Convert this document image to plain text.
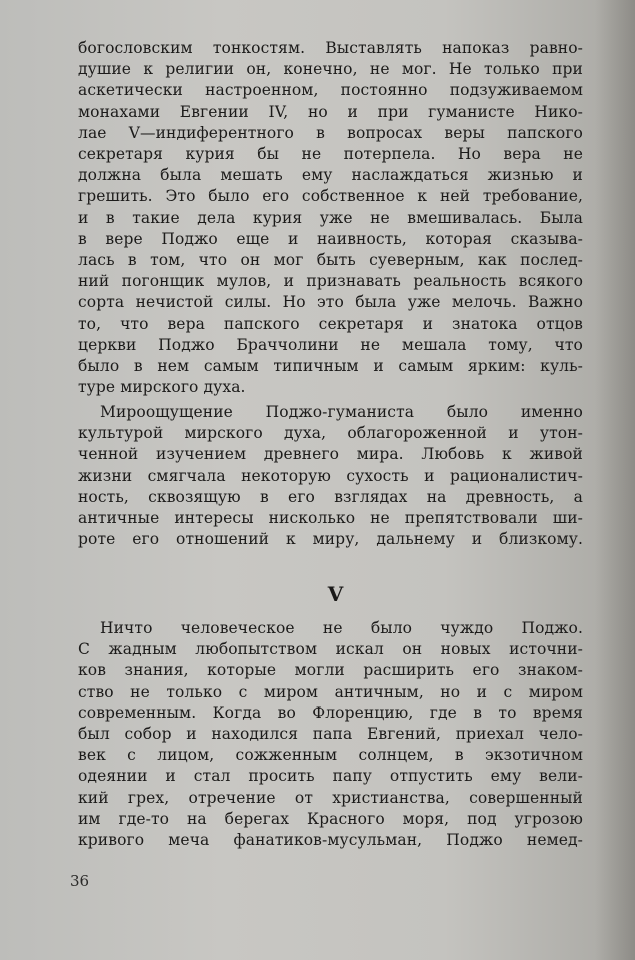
богословским тонкостям. Выставлять напоказ равно-
душие к религии он, конечно, не мог. Не только при
аскетически настроенном, постоянно подзуживаемом
монахами Евгении IV, но и при гуманисте Нико-
лае V—индиферентного в вопросах веры папского
секретаря курия бы не потерпела. Но вера не
должна была мешать ему наслаждаться жизнью и
грешить. Это было его собственное к ней требование,
и в такие дела курия уже не вмешивалась. Была
в вере Поджо еще и наивность, которая сказыва-
лась в том, что он мог быть суеверным, как послед-
ний погонщик мулов, и признавать реальность всякого
сорта нечистой силы. Но это была уже мелочь. Важно
то, что вера папского секретаря и знатока отцов
церкви Поджо Браччолини не мешала тому, что
было в нем самым типичным и самым ярким: куль-
туре мирского духа.
Мироощущение Поджо-гуманиста было именно
культурой мирского духа, облагороженной и утон-
ченной изучением древнего мира. Любовь к живой
жизни смягчала некоторую сухость и рационалистич-
ность, сквозящую в его взглядах на древность, а
античные интересы нисколько не препятствовали ши-
роте его отношений к миру, дальнему и близкому.
V
Ничто человеческое не было чуждо Поджо.
С жадным любопытством искал он новых источни-
ков знания, которые могли расширить его знаком-
ство не только с миром античным, но и с миром
современным. Когда во Флоренцию, где в то время
был собор и находился папа Евгений, приехал чело-
век с лицом, сожженным солнцем, в экзотичном
одеянии и стал просить папу отпустить ему вели-
кий грех, отречение от христианства, совершенный
им где-то на берегах Красного моря, под угрозою
кривого меча фанатиков-мусульман, Поджо немед-
36
